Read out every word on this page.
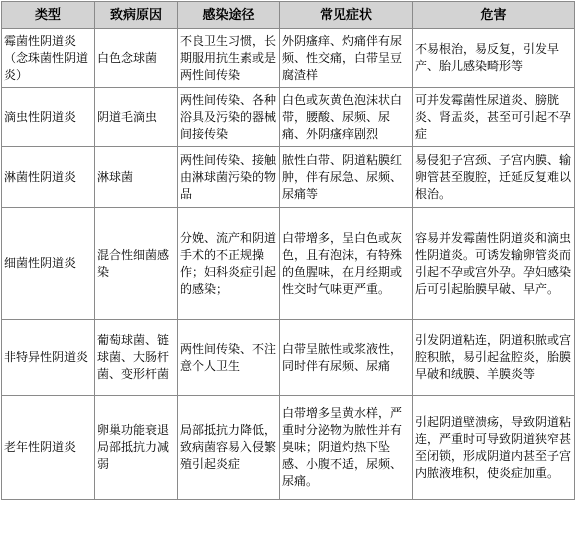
类型	致病原因	感染途径	常见症状	危害
霉菌性阴道炎（念珠菌性阴道炎）	白色念球菌	不良卫生习惯，长期服用抗生素或是两性间传染	外阴瘙痒、灼痛伴有尿频、性交痛，白带呈豆腐渣样	不易根治，易反复，引发早产、胎儿感染畸形等
滴虫性阴道炎	阴道毛滴虫	两性间传染、各种浴具及污染的器械间接传染	白色或灰黄色泡沫状白带，腰酸、尿频、尿痛、外阴瘙痒剧烈	可并发霉菌性尿道炎、膀胱炎、肾盂炎，甚至可引起不孕症
淋菌性阴道炎	淋球菌	两性间传染、接触由淋球菌污染的物品	脓性白带、阴道粘膜红肿，伴有尿急、尿频、尿痛等	易侵犯子宫颈、子宫内膜、输卵管甚至腹腔，迁延反复难以根治。
细菌性阴道炎	混合性细菌感染	分娩、流产和阴道手术的不正规操作；妇科炎症引起的感染；	白带增多，呈白色或灰色，且有泡沫，有特殊的鱼腥味，在月经期或性交时气味更严重。	容易并发霉菌性阴道炎和滴虫性阴道炎。可诱发输卵管炎而引起不孕或宫外孕。孕妇感染后可引起胎膜早破、早产。
非特异性阴道炎	葡萄球菌、链球菌、大肠杆菌、变形杆菌	两性间传染、不注意个人卫生	白带呈脓性或浆液性，同时伴有尿频、尿痛	引发阴道粘连，阴道积脓或宫腔积脓，易引起盆腔炎，胎膜早破和绒膜、羊膜炎等
老年性阴道炎	卵巢功能衰退局部抵抗力减弱	局部抵抗力降低，致病菌容易入侵繁殖引起炎症	白带增多呈黄水样，严重时分泌物为脓性并有臭味；阴道灼热下坠感、小腹不适，尿频、尿痛。	引起阴道壁溃疡，导致阴道粘连，严重时可导致阴道狭窄甚至闭锁，形成阴道内甚至子宫内脓液堆积，使炎症加重。
